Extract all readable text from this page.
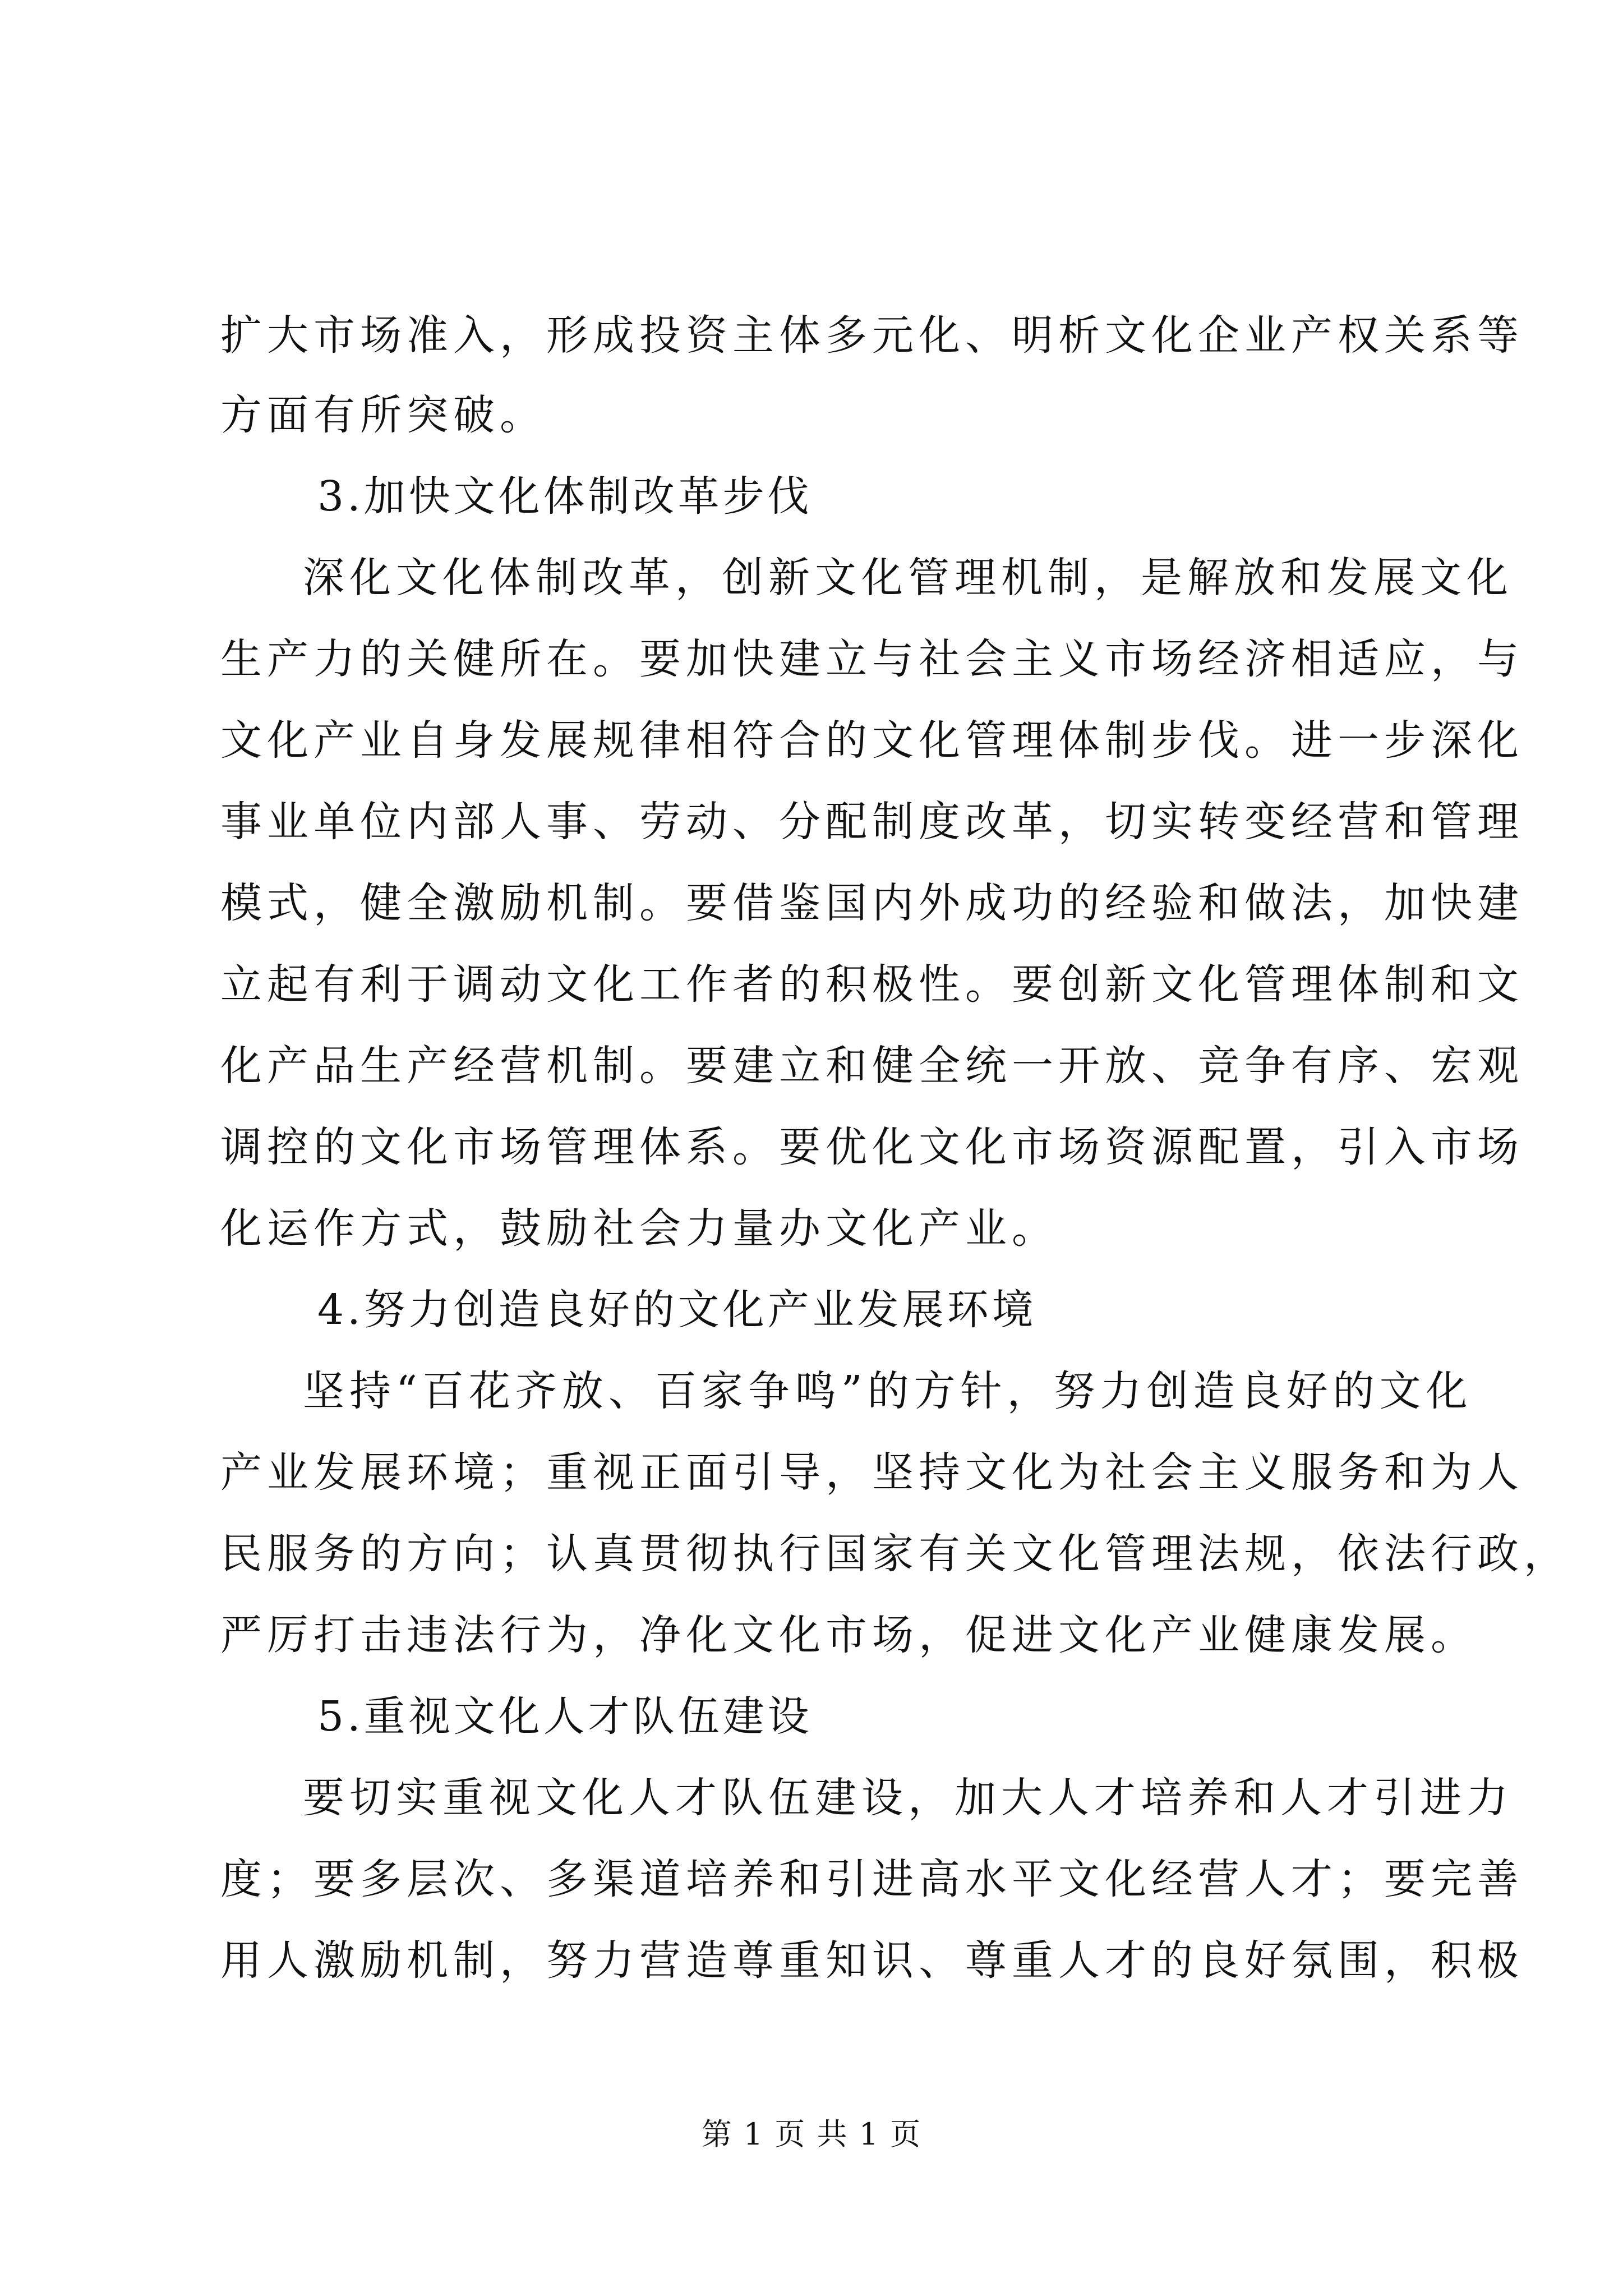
扩大市场准入，形成投资主体多元化、明析文化企业产权关系等
方面有所突破。
3.加快文化体制改革步伐
深化文化体制改革，创新文化管理机制，是解放和发展文化
生产力的关健所在。要加快建立与社会主义市场经济相适应，与
文化产业自身发展规律相符合的文化管理体制步伐。进一步深化
事业单位内部人事、劳动、分配制度改革，切实转变经营和管理
模式，健全激励机制。要借鉴国内外成功的经验和做法，加快建
立起有利于调动文化工作者的积极性。要创新文化管理体制和文
化产品生产经营机制。要建立和健全统一开放、竞争有序、宏观
调控的文化市场管理体系。要优化文化市场资源配置，引入市场
化运作方式，鼓励社会力量办文化产业。
4.努力创造良好的文化产业发展环境
坚持“百花齐放、百家争鸣”的方针，努力创造良好的文化
产业发展环境；重视正面引导，坚持文化为社会主义服务和为人
民服务的方向；认真贯彻执行国家有关文化管理法规，依法行政，
严厉打击违法行为，净化文化市场，促进文化产业健康发展。
5.重视文化人才队伍建设
要切实重视文化人才队伍建设，加大人才培养和人才引进力
度；要多层次、多渠道培养和引进高水平文化经营人才；要完善
用人激励机制，努力营造尊重知识、尊重人才的良好氛围，积极
第 1 页 共 1 页
